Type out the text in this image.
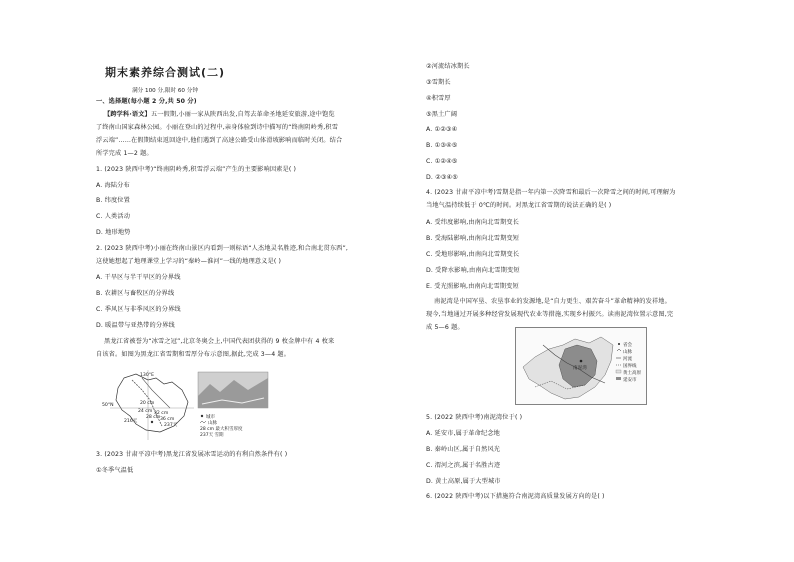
期末素养综合测试(二)
满分 100 分,限时 60 分钟
一、选择题(每小题 2 分,共 50 分)
【跨学科·语文】五一假期,小丽一家从陕西出发,自驾去革命圣地延安旅游,途中饱览
了终南山国家森林公园。小丽在登山的过程中,亲身体验到诗中描写的“终南阴岭秀,积雪
浮云端”……在假期结束返回途中,他们遇到了高速公路受山体滑坡影响而临时关闭。结合
所学完成 1—2 题。
1. (2023 陕西中考)“终南阴岭秀,积雪浮云端”产生的主要影响因素是( )
A. 海陆分布
B. 纬度位置
C. 人类活动
D. 地形地势
2. (2023 陕西中考)小丽在终南山景区内看到一则标语“人杰地灵名胜迹,和合南北贯东西”,
这使她想起了地理课堂上学习的“秦岭—淮河”一线的地理意义是( )
A. 干旱区与半干旱区的分界线
B. 农耕区与畜牧区的分界线
C. 季风区与非季风区的分界线
D. 暖温带与亚热带的分界线
黑龙江省被誉为“冰雪之冠”,北京冬奥会上,中国代表团获得的 9 枚金牌中有 4 枚来
自该省。如图为黑龙江省雪期和雪厚分布示意图,据此,完成 3—4 题。
3. (2023 甘肃平凉中考)黑龙江省发展冰雪运动的有利自然条件有( )
①冬季气温低
130°E
50°N	20 cm
24 cm
28 cm
32 cm
36 cm
216天
237天
城市
山脉
28 cm 最大积雪厚度
237天 雪期
②河流结冰期长
③雪期长
④积雪厚
⑤黑土广阔
A. ①②③④
B. ①③④⑤
C. ①②④⑤
D. ②③④⑤
4. (2023 甘肃平凉中考)雪期是指一年内第一次降雪和最后一次降雪之间的时间,可理解为
当地气温持续低于 0℃的时间。对黑龙江省雪期的说法正确的是( )
A. 受纬度影响,由南向北雪期变长
B. 受海陆影响,由南向北雪期变短
C. 受地形影响,由南向北雪期变长
D. 受降水影响,由南向北雪期变短
E. 受光照影响,由南向北雪期变短
南泥湾是中国军垦、农垦事业的发源地,是“自力更生、艰苦奋斗”革命精神的发祥地。
现今,当地通过开展多种经营发展现代农业等措施,实现乡村振兴。读南泥湾位置示意图,完
成 5—6 题。
5. (2022 陕西中考)南泥湾位于( )
A. 延安市,属于革命纪念地
B. 秦岭山区,属于自然风光
C. 渭河之滨,属于名胜古迹
D. 黄土高原,属于大型城市
6. (2022 陕西中考)以下措施符合南泥湾高质量发展方向的是( )
南泥湾
省会
山脉
河流
国界线
黄土高原
延安市
